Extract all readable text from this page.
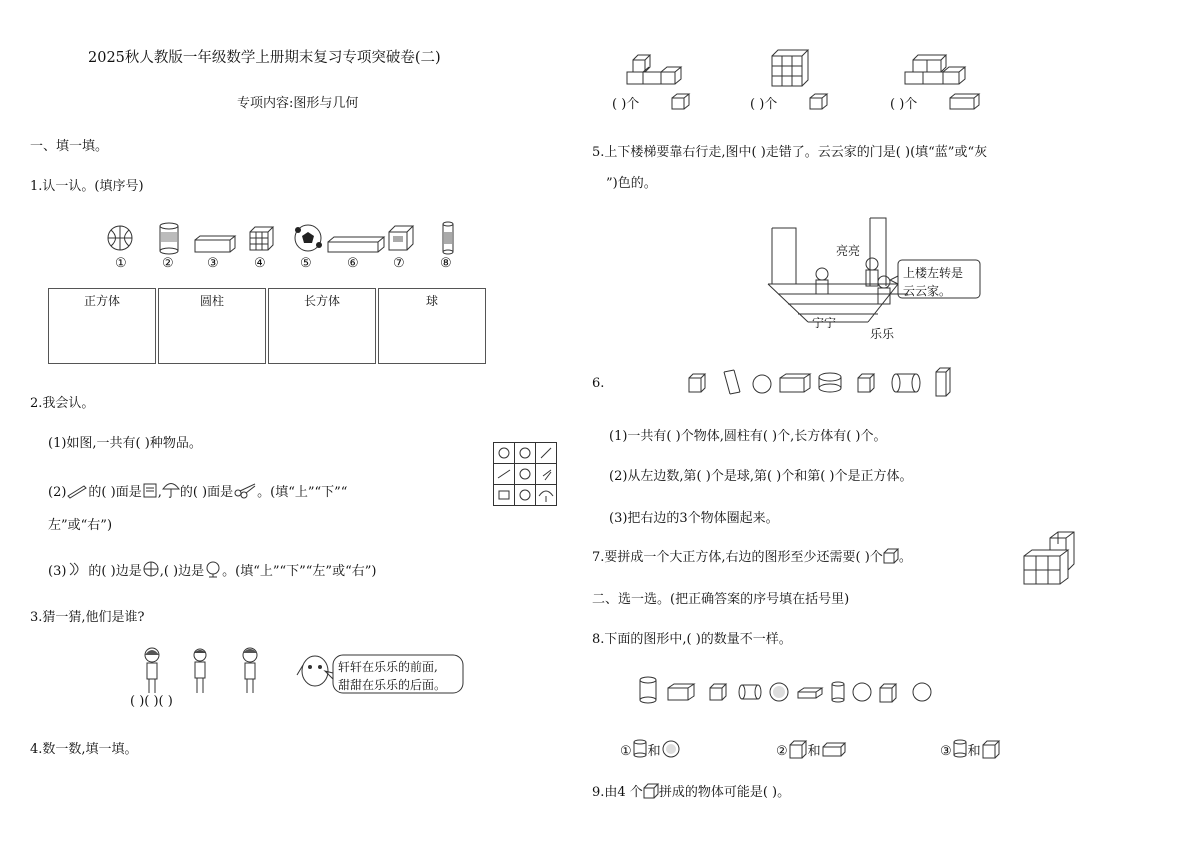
2025秋人教版一年级数学上册期末复习专项突破卷(二)
专项内容:图形与几何
一、填一填。
1.认一认。(填序号)
①	②	③	④	⑤	⑥	⑦	⑧
正方体	圆柱	长方体	球
2.我会认。
(1)如图,一共有( )种物品。
(2) 的( )面是 , 的( )面是 。(填“上”“下”“
左”或“右”)
(3) 的( )边是 ,( )边是 。(填“上”“下”“左”或“右”)
3.猜一猜,他们是谁?
轩轩在乐乐的前面,
甜甜在乐乐的后面。
( )( )( )
4.数一数,填一填。
( )个	( )个	( )个
5.上下楼梯要靠右行走,图中( )走错了。云云家的门是( )(填“蓝”或“灰
”)色的。
亮亮
宁宁
乐乐
上楼左转是
云云家。
6.
(1)一共有( )个物体,圆柱有( )个,长方体有( )个。
(2)从左边数,第( )个是球,第( )个和第( )个是正方体。
(3)把右边的3个物体圈起来。
7.要拼成一个大正方体,右边的图形至少还需要( )个 。
二、选一选。(把正确答案的序号填在括号里)
8.下面的图形中,( )的数量不一样。
① 和	② 和	③ 和
9.由4 个 拼成的物体可能是( )。
